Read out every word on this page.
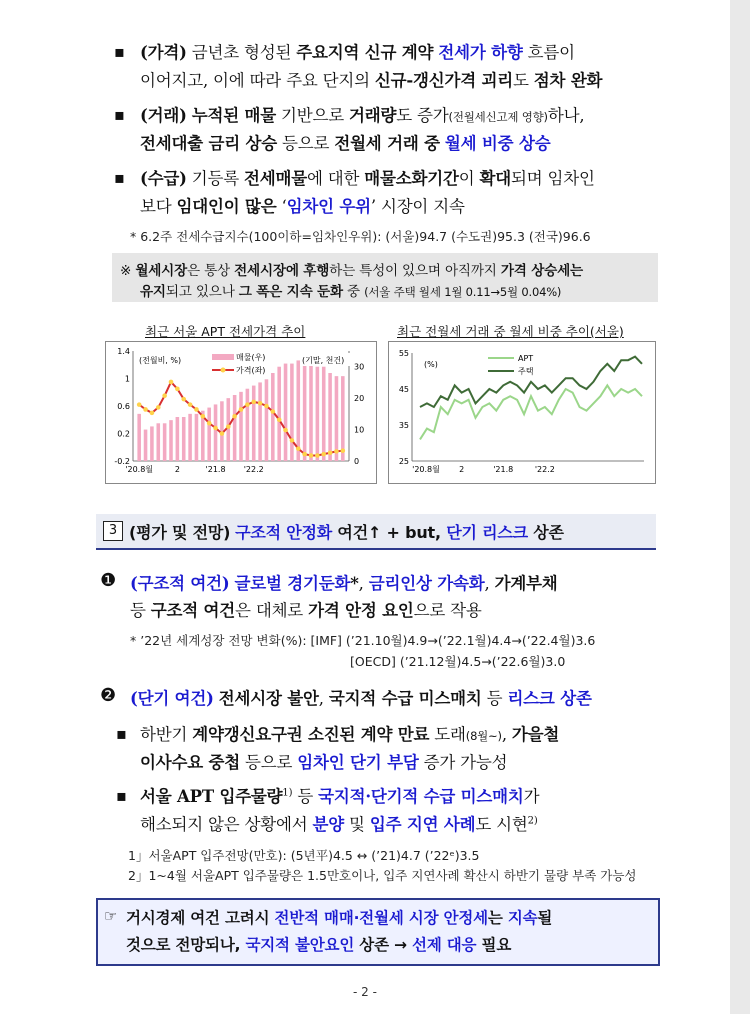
▪ (가격) 금년초 형성된 주요지역 신규 계약 전세가 하향 흐름이
이어지고, 이에 따라 주요 단지의 신규-갱신가격 괴리도 점차 완화
▪ (거래) 누적된 매물 기반으로 거래량도 증가(전월세신고제 영향)하나,
전세대출 금리 상승 등으로 전월세 거래 중 월세 비중 상승
▪ (수급) 기등록 전세매물에 대한 매물소화기간이 확대되며 임차인
보다 임대인이 많은 ‘임차인 우위’ 시장이 지속
* 6.2주 전세수급지수(100이하=임차인우위): (서울)94.7 (수도권)95.3 (전국)96.6
※ 월세시장은 통상 전세시장에 후행하는 특성이 있으며 아직까지 가격 상승세는
유지되고 있으나 그 폭은 지속 둔화 중 (서울 주택 월세 1월 0.11→5월 0.04%)
최근 서울 APT 전세가격 추이
1.4
1
0.6
0.2
-0.2
30
20
10
0
'20.8월	2	'21.8 '22.2
(전월비, %)	매물(우)
가격(좌)
(기말, 천건)
최근 전월세 거래 중 월세 비중 추이(서울)
55
45
35
25
'20.8월 2	'21.8	'22.2
(%)
APT
주택
3 (평가 및 전망) 구조적 안정화 여건↑ + but, 단기 리스크 상존
❶ (구조적 여건) 글로벌 경기둔화*, 금리인상 가속화, 가계부채
등 구조적 여건은 대체로 가격 안정 요인으로 작용
* ’22년 세계성장 전망 변화(%): [IMF] (’21.10월)4.9→(’22.1월)4.4→(’22.4월)3.6
[OECD] (’21.12월)4.5→(’22.6월)3.0
❷ (단기 여건) 전세시장 불안, 국지적 수급 미스매치 등 리스크 상존
▪ 하반기 계약갱신요구권 소진된 계약 만료 도래(8월~), 가을철
이사수요 중첩 등으로 임차인 단기 부담 증가 가능성
▪ 서울 APT 입주물량$^{1)}$ 등 국지적·단기적 수급 미스매치가
해소되지 않은 상황에서 분양 및 입주 지연 사례도 시현$^{2)}$
1」서울APT 입주전망(만호): (5년平)4.5 ↔ (’21)4.7 (’22ᵉ)3.5
2」1~4월 서울APT 입주물량은 1.5만호이나, 입주 지연사례 확산시 하반기 물량 부족 가능성
☞ 거시경제 여건 고려시 전반적 매매·전월세 시장 안정세는 지속될
것으로 전망되나, 국지적 불안요인 상존 → 선제 대응 필요
- 2 -
